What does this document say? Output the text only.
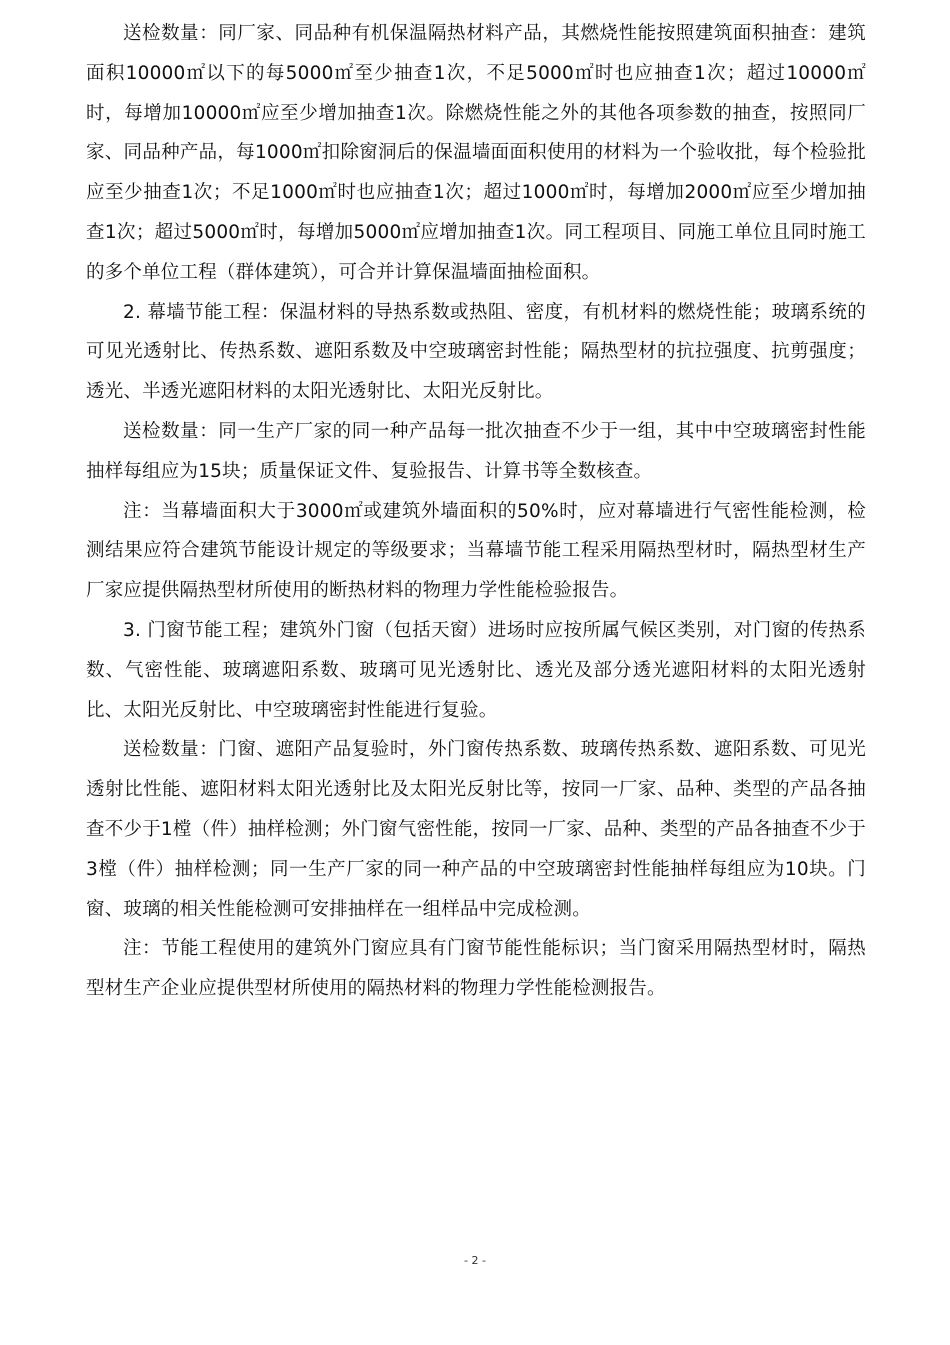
送检数量：同厂家、同品种有机保温隔热材料产品，其燃烧性能按照建筑面积抽查：建筑面积10000㎡以下的每5000㎡至少抽查1次，不足5000㎡时也应抽查1次；超过10000㎡时，每增加10000㎡应至少增加抽查1次。除燃烧性能之外的其他各项参数的抽查，按照同厂家、同品种产品，每1000㎡扣除窗洞后的保温墙面面积使用的材料为一个验收批，每个检验批应至少抽查1次；不足1000㎡时也应抽查1次；超过1000㎡时，每增加2000㎡应至少增加抽查1次；超过5000㎡时，每增加5000㎡应增加抽查1次。同工程项目、同施工单位且同时施工的多个单位工程（群体建筑），可合并计算保温墙面抽检面积。

2. 幕墙节能工程：保温材料的导热系数或热阻、密度，有机材料的燃烧性能；玻璃系统的可见光透射比、传热系数、遮阳系数及中空玻璃密封性能；隔热型材的抗拉强度、抗剪强度；透光、半透光遮阳材料的太阳光透射比、太阳光反射比。

送检数量：同一生产厂家的同一种产品每一批次抽查不少于一组，其中中空玻璃密封性能抽样每组应为15块；质量保证文件、复验报告、计算书等全数核查。

注：当幕墙面积大于3000㎡或建筑外墙面积的50%时，应对幕墙进行气密性能检测，检测结果应符合建筑节能设计规定的等级要求；当幕墙节能工程采用隔热型材时，隔热型材生产厂家应提供隔热型材所使用的断热材料的物理力学性能检验报告。

3. 门窗节能工程；建筑外门窗（包括天窗）进场时应按所属气候区类别，对门窗的传热系数、气密性能、玻璃遮阳系数、玻璃可见光透射比、透光及部分透光遮阳材料的太阳光透射比、太阳光反射比、中空玻璃密封性能进行复验。

送检数量：门窗、遮阳产品复验时，外门窗传热系数、玻璃传热系数、遮阳系数、可见光透射比性能、遮阳材料太阳光透射比及太阳光反射比等，按同一厂家、品种、类型的产品各抽查不少于1樘（件）抽样检测；外门窗气密性能，按同一厂家、品种、类型的产品各抽查不少于3樘（件）抽样检测；同一生产厂家的同一种产品的中空玻璃密封性能抽样每组应为10块。门窗、玻璃的相关性能检测可安排抽样在一组样品中完成检测。

注：节能工程使用的建筑外门窗应具有门窗节能性能标识；当门窗采用隔热型材时，隔热型材生产企业应提供型材所使用的隔热材料的物理力学性能检测报告。

- 2 -
